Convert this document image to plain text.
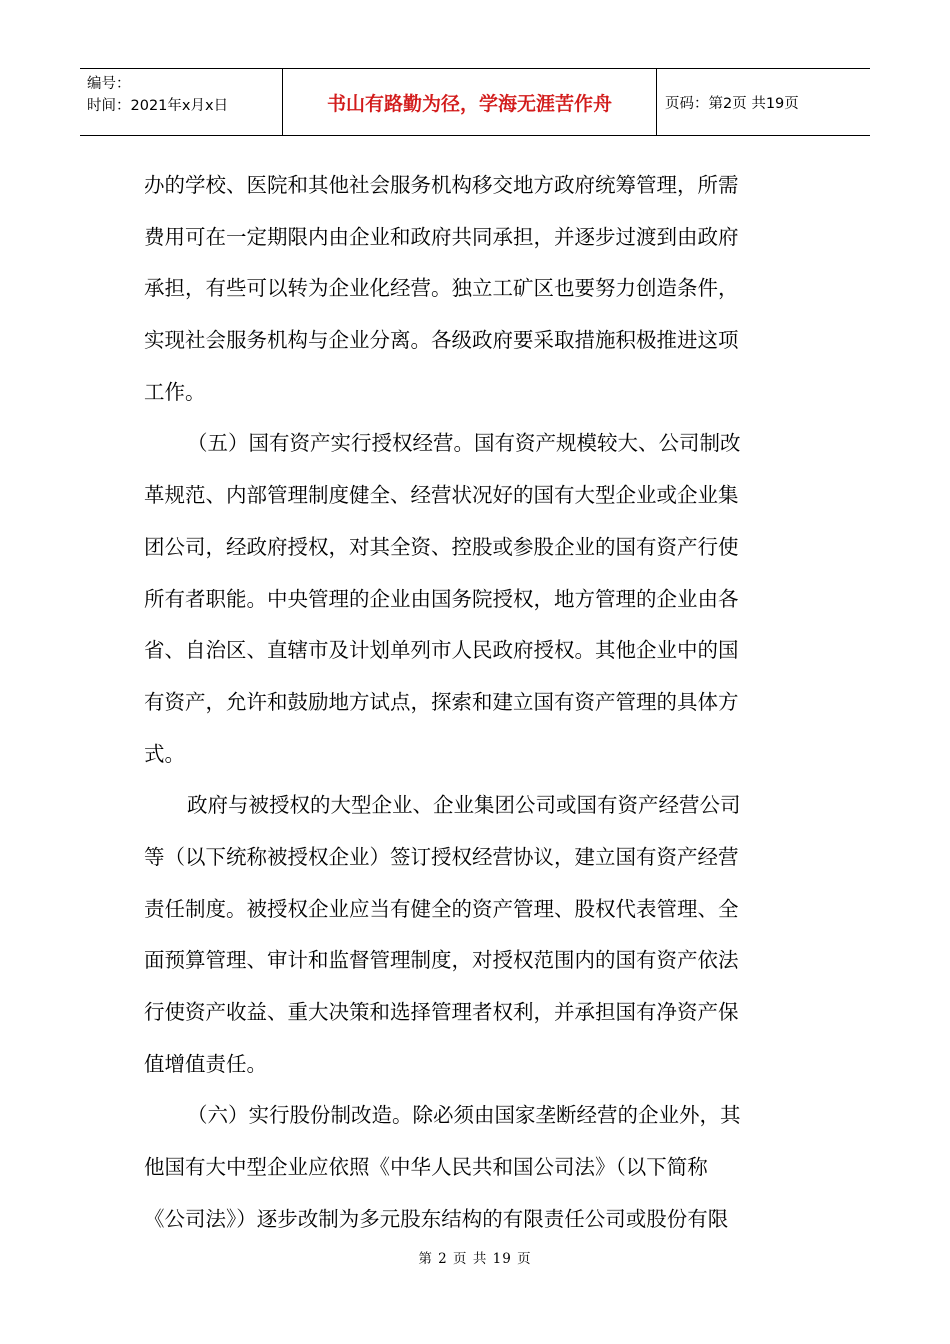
编号：
时间：2021年x月x日	书山有路勤为径，学海无涯苦作舟	页码：第2页 共19页
办的学校、医院和其他社会服务机构移交地方政府统筹管理，所需
费用可在一定期限内由企业和政府共同承担，并逐步过渡到由政府
承担，有些可以转为企业化经营。独立工矿区也要努力创造条件，
实现社会服务机构与企业分离。各级政府要采取措施积极推进这项
工作。
（五）国有资产实行授权经营。国有资产规模较大、公司制改
革规范、内部管理制度健全、经营状况好的国有大型企业或企业集
团公司，经政府授权，对其全资、控股或参股企业的国有资产行使
所有者职能。中央管理的企业由国务院授权，地方管理的企业由各
省、自治区、直辖市及计划单列市人民政府授权。其他企业中的国
有资产，允许和鼓励地方试点，探索和建立国有资产管理的具体方
式。
政府与被授权的大型企业、企业集团公司或国有资产经营公司
等（以下统称被授权企业）签订授权经营协议，建立国有资产经营
责任制度。被授权企业应当有健全的资产管理、股权代表管理、全
面预算管理、审计和监督管理制度，对授权范围内的国有资产依法
行使资产收益、重大决策和选择管理者权利，并承担国有净资产保
值增值责任。
（六）实行股份制改造。除必须由国家垄断经营的企业外，其
他国有大中型企业应依照《中华人民共和国公司法》（以下简称
《公司法》）逐步改制为多元股东结构的有限责任公司或股份有限
第 2 页 共 19 页
